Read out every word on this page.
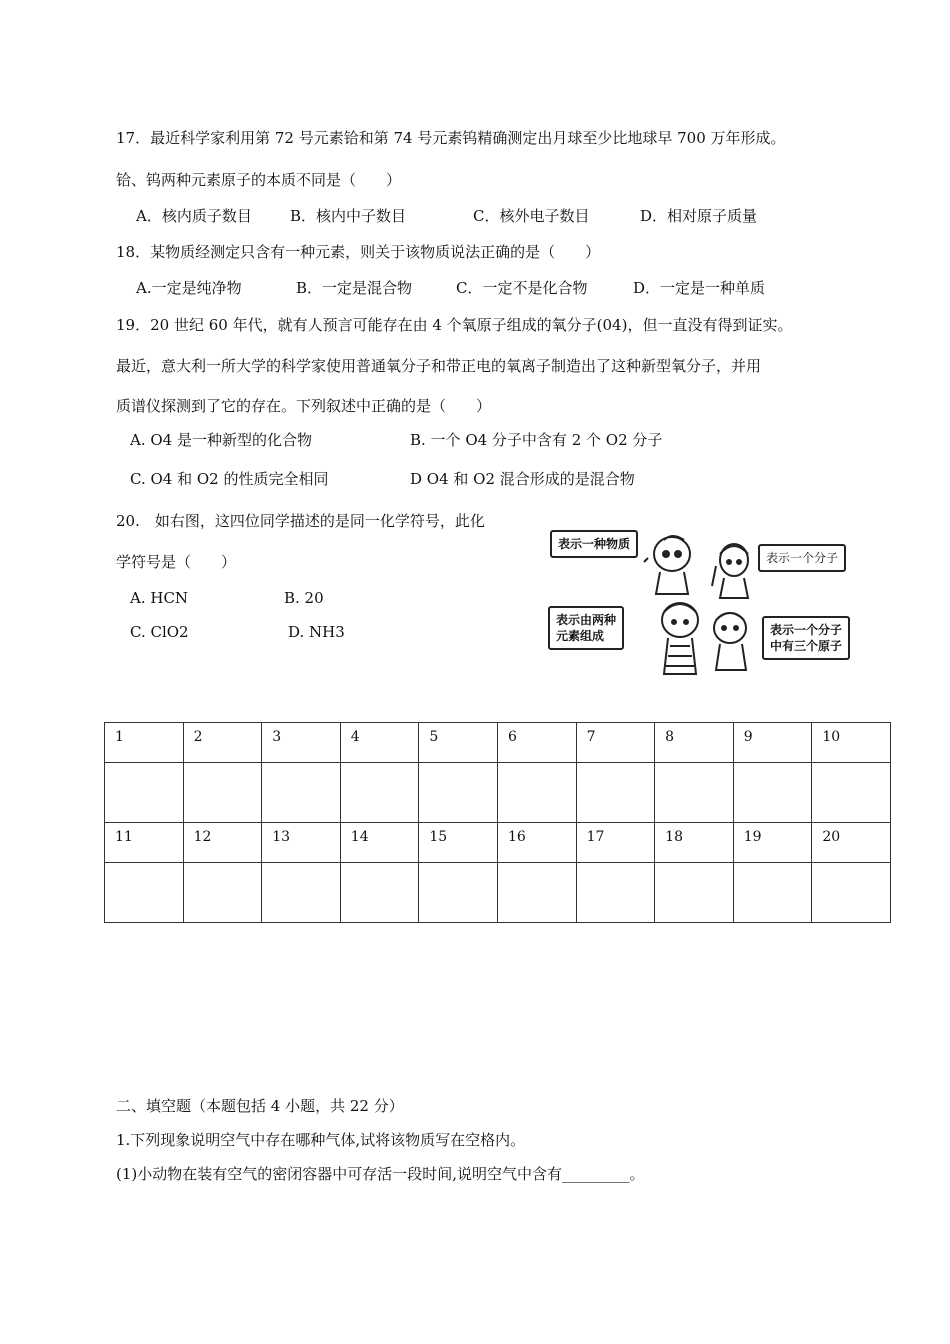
17．最近科学家利用第 72 号元素铪和第 74 号元素钨精确测定出月球至少比地球早 700 万年形成。
铪、钨两种元素原子的本质不同是（　　）
A．核内质子数目	B．核内中子数目	C．核外电子数目	D．相对原子质量
18．某物质经测定只含有一种元素，则关于该物质说法正确的是（　　）
A.一定是纯净物	B．一定是混合物	C．一定不是化合物	D．一定是一种单质
19．20 世纪 60 年代，就有人预言可能存在由 4 个氧原子组成的氧分子(04)，但一直没有得到证实。
最近，意大利一所大学的科学家使用普通氧分子和带正电的氧离子制造出了这种新型氧分子，并用
质谱仪探测到了它的存在。下列叙述中正确的是（　　）
A. O4 是一种新型的化合物	B. 一个 O4 分子中含有 2 个 O2 分子
C. O4 和 O2 的性质完全相同	D O4 和 O2 混合形成的是混合物
20.　如右图，这四位同学描述的是同一化学符号，此化
学符号是（　　）
A. HCN	B. 20
C. ClO2	D. NH3
表示一种物质
表示一个分子
表示由两种
元素组成	表示一个分子
中有三个原子
1	2	3	4	5	6	7	8	9	10

11	12	13	14	15	16	17	18	19	20

二、填空题（本题包括 4 小题，共 22 分）
1.下列现象说明空气中存在哪种气体,试将该物质写在空格内。
(1)小动物在装有空气的密闭容器中可存活一段时间,说明空气中含有_________。
